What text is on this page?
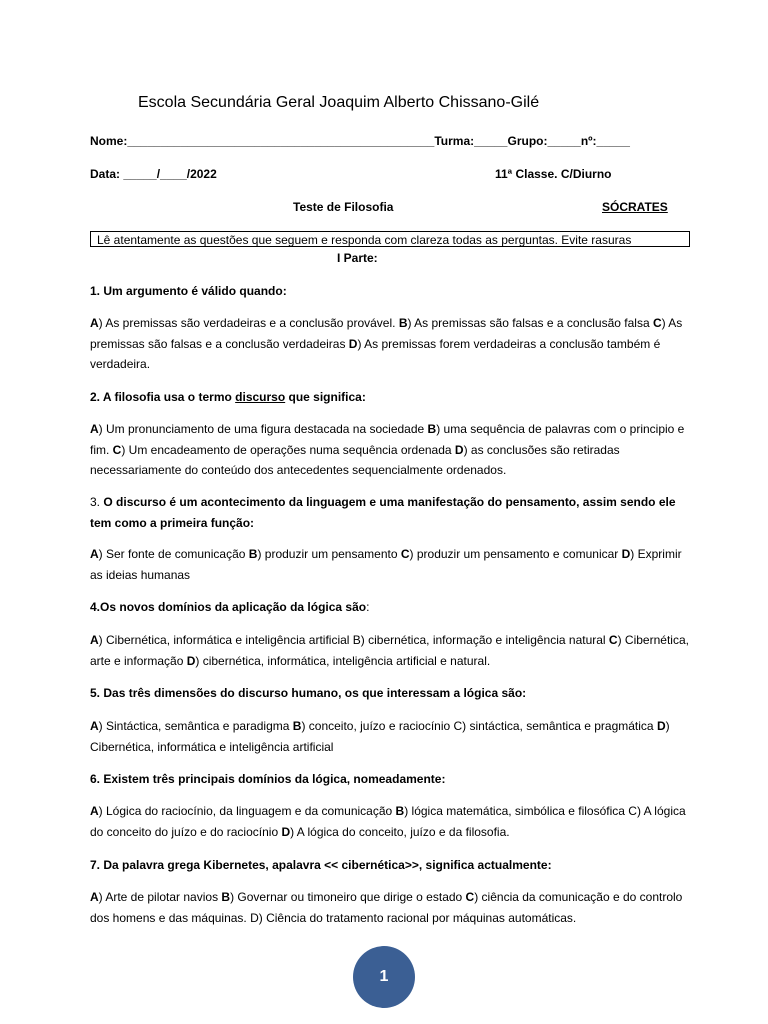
Escola Secundária Geral Joaquim Alberto Chissano-Gilé
Nome:______________________________________________Turma:_____Grupo:_____nº:_____
Data: _____/____/2022	11ª Classe. C/Diurno
Teste de Filosofia	SÓCRATES
Lê atentamente as questões que seguem e responda com clareza todas as perguntas. Evite rasuras
I Parte:
1. Um argumento é válido quando:
A) As premissas são verdadeiras e a conclusão provável. B) As premissas são falsas e a conclusão falsa C) As premissas são falsas e a conclusão verdadeiras D) As premissas forem verdadeiras a conclusão também é verdadeira.
2. A filosofia usa o termo discurso que significa:
A) Um pronunciamento de uma figura destacada na sociedade B) uma sequência de palavras com o principio e fim. C) Um encadeamento de operações numa sequência ordenada D) as conclusões são retiradas necessariamente do conteúdo dos antecedentes sequencialmente ordenados.
3. O discurso é um acontecimento da linguagem e uma manifestação do pensamento, assim sendo ele tem como a primeira função:
A) Ser fonte de comunicação B) produzir um pensamento C) produzir um pensamento e comunicar D) Exprimir as ideias humanas
4.Os novos domínios da aplicação da lógica são:
A) Cibernética, informática e inteligência artificial B) cibernética, informação e inteligência natural C) Cibernética, arte e informação D) cibernética, informática, inteligência artificial e natural.
5. Das três dimensões do discurso humano, os que interessam a lógica são:
A) Sintáctica, semântica e paradigma B) conceito, juízo e raciocínio C) sintáctica, semântica e pragmática D) Cibernética, informática e inteligência artificial
6. Existem três principais domínios da lógica, nomeadamente:
A) Lógica do raciocínio, da linguagem e da comunicação B) lógica matemática, simbólica e filosófica C) A lógica do conceito do juízo e do raciocínio D) A lógica do conceito, juízo e da filosofia.
7. Da palavra grega Kibernetes, apalavra << cibernética>>, significa actualmente:
A) Arte de pilotar navios B) Governar ou timoneiro que dirige o estado C) ciência da comunicação e do controlo dos homens e das máquinas. D) Ciência do tratamento racional por máquinas automáticas.
1
